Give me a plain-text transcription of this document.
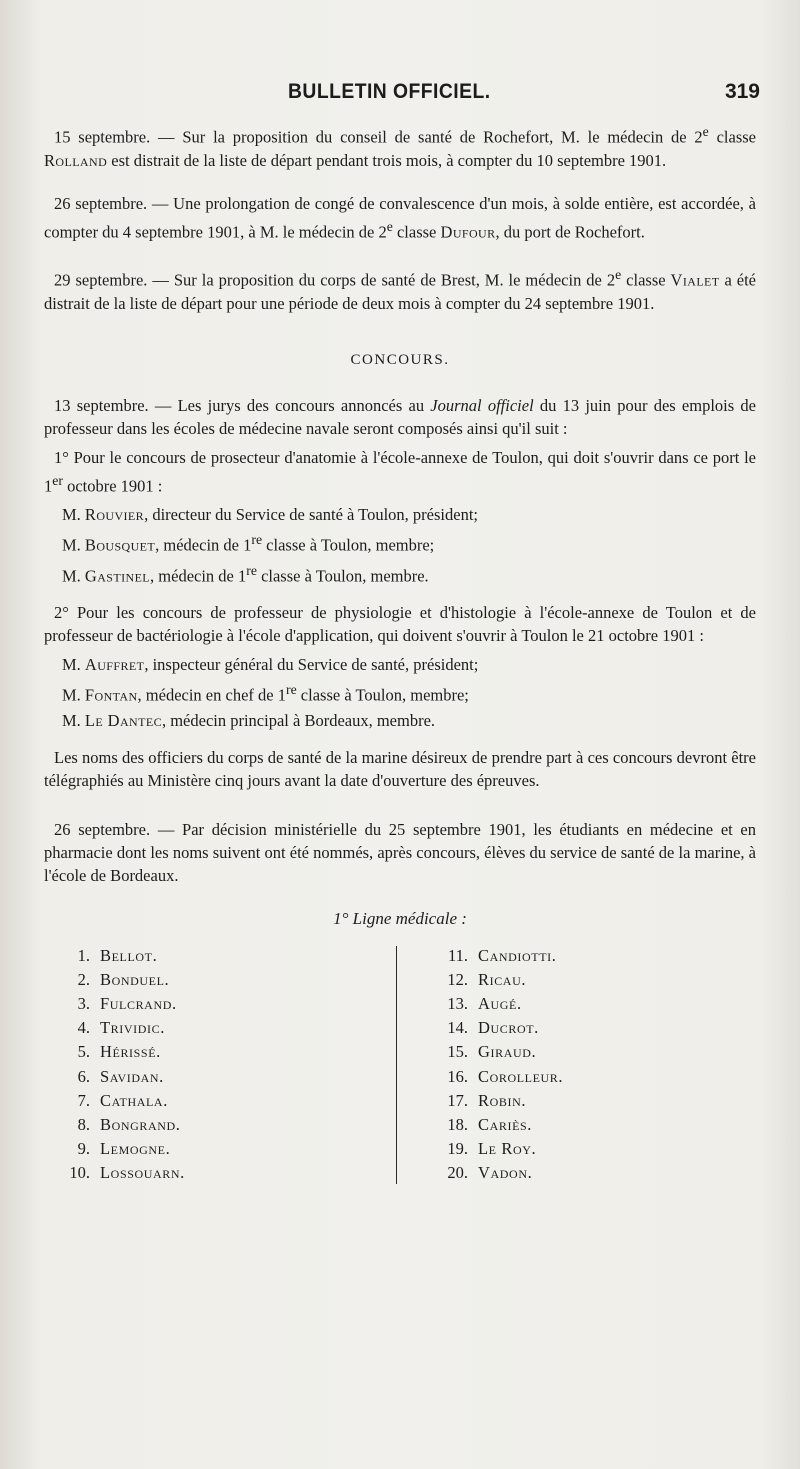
BULLETIN OFFICIEL.	319

15 septembre. — Sur la proposition du conseil de santé de Rochefort, M. le médecin de 2e classe Rolland est distrait de la liste de départ pendant trois mois, à compter du 10 septembre 1901.

26 septembre. — Une prolongation de congé de convalescence d'un mois, à solde entière, est accordée, à compter du 4 septembre 1901, à M. le médecin de 2e classe Dufour, du port de Rochefort.

29 septembre. — Sur la proposition du corps de santé de Brest, M. le médecin de 2e classe Vialet a été distrait de la liste de départ pour une période de deux mois à compter du 24 septembre 1901.

CONCOURS.

13 septembre. — Les jurys des concours annoncés au Journal officiel du 13 juin pour des emplois de professeur dans les écoles de médecine navale seront composés ainsi qu'il suit :

1° Pour le concours de prosecteur d'anatomie à l'école-annexe de Toulon, qui doit s'ouvrir dans ce port le 1er octobre 1901 :

M. Rouvier, directeur du Service de santé à Toulon, président;

M. Bousquet, médecin de 1re classe à Toulon, membre;

M. Gastinel, médecin de 1re classe à Toulon, membre.

2° Pour les concours de professeur de physiologie et d'histologie à l'école-annexe de Toulon et de professeur de bactériologie à l'école d'application, qui doivent s'ouvrir à Toulon le 21 octobre 1901 :

M. Auffret, inspecteur général du Service de santé, président;

M. Fontan, médecin en chef de 1re classe à Toulon, membre;

M. Le Dantec, médecin principal à Bordeaux, membre.

Les noms des officiers du corps de santé de la marine désireux de prendre part à ces concours devront être télégraphiés au Ministère cinq jours avant la date d'ouverture des épreuves.

26 septembre. — Par décision ministérielle du 25 septembre 1901, les étudiants en médecine et en pharmacie dont les noms suivent ont été nommés, après concours, élèves du service de santé de la marine, à l'école de Bordeaux.

1° Ligne médicale :
1. Bellot.
2. Bonduel.
3. Fulcrand.
4. Trividic.
5. Hérissé.
6. Savidan.
7. Cathala.
8. Bongrand.
9. Lemogne.
10. Lossouarn.
11. Candiotti.
12. Ricau.
13. Augé.
14. Ducrot.
15. Giraud.
16. Corolleur.
17. Robin.
18. Cariès.
19. Le Roy.
20. Vadon.
